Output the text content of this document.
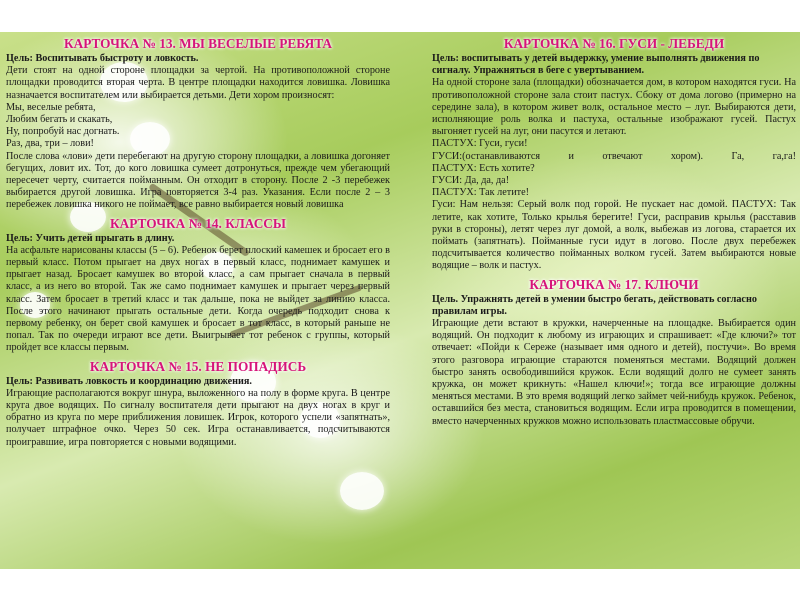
КАРТОЧКА № 13. МЫ ВЕСЕЛЫЕ РЕБЯТА

Цель: Воспитывать быстроту и ловкость.

Дети стоят на одной стороне площадки за чертой. На противоположной стороне площадки проводится вторая черта. В центре площадки находится ловишка. Ловишка назначается воспитателем или выбирается детьми. Дети хором произносят:

Мы, веселые ребята,

Любим бегать и скакать,

Ну, попробуй нас догнать.

Раз, два, три – лови!

После слова «лови» дети перебегают на другую сторону площадки, а ловишка догоняет бегущих, ловит их. Тот, до кого ловишка сумеет дотронуться, прежде чем убегающий пересечет черту, считается пойманным. Он отходит в сторону. После 2 -3 перебежек выбирается другой ловишка. Игра повторяется 3-4 раз. Указания. Если после 2 – 3 перебежек ловишка никого не поймает, все равно выбирается новый ловишка

КАРТОЧКА № 14. КЛАССЫ

Цель: Учить детей прыгать в длину.

На асфальте нарисованы классы (5 – 6). Ребенок берет плоский камешек и бросает его в первый класс. Потом прыгает на двух ногах в первый класс, поднимает камушек и прыгает назад. Бросает камушек во второй класс, а сам прыгает сначала в первый класс, а из него во второй. Так же само поднимает камушек и прыгает через первый класс. Затем бросает в третий класс и так дальше, пока не выйдет за линию класса. После этого начинают прыгать остальные дети. Когда очередь подходит снова к первому ребенку, он берет свой камушек и бросает в тот класс, в который раньше не попал. Так по очереди играют все дети. Выигрывает тот ребенок с группы, который пройдет все классы первым.

КАРТОЧКА № 15. НЕ ПОПАДИСЬ

Цель: Развивать ловкость и координацию движения.

Играющие располагаются вокруг шнура, выложенного на полу в форме круга. В центре круга двое водящих. По сигналу воспитателя дети прыгают на двух ногах в круг и обратно из круга по мере приближения ловишек. Игрок, которого успели «запятнать», получает штрафное очко. Через 50 сек. Игра останавливается, подсчитываются проигравшие, игра повторяется с новыми водящими.

КАРТОЧКА № 16. ГУСИ - ЛЕБЕДИ

Цель: воспитывать у детей выдержку, умение выполнять движения по сигналу. Упражняться в беге с увертыванием.

На одной стороне зала (площадки) обозначается дом, в котором находятся гуси. На противоположной стороне зала стоит пастух. Сбоку от дома логово (примерно на середине зала), в котором живет волк, остальное место – луг. Выбираются дети, исполняющие роль волка и пастуха, остальные изображают гусей. Пастух выгоняет гусей на луг, они пасутся и летают.

ПАСТУХ: Гуси, гуси!

ГУСИ:(останавливаются и отвечают хором). Га, га,га!

ПАСТУХ: Есть хотите?

ГУСИ: Да, да, да!

ПАСТУХ: Так летите!

Гуси: Нам нельзя: Серый волк под горой. Не пускает нас домой. ПАСТУХ: Так летите, как хотите, Только крылья берегите! Гуси, расправив крылья (расставив руки в стороны), летят через луг домой, а волк, выбежав из логова, старается их поймать (запятнать). Пойманные гуси идут в логово. После двух перебежек подсчитывается количество пойманных волком гусей. Затем выбираются новые водящие – волк и пастух.

КАРТОЧКА № 17. КЛЮЧИ

Цель. Упражнять детей в умении быстро бегать, действовать согласно правилам игры.

Играющие дети встают в кружки, начерченные на площадке. Выбирается один водящий. Он подходит к любому из играющих и спрашивает: «Где ключи?» тот отвечает: «Пойди к Сереже (называет имя одного и детей), постучи». Во время этого разговора играющие стараются поменяться местами. Водящий должен быстро занять освободившийся кружок. Если водящий долго не сумеет занять кружка, он может крикнуть: «Нашел ключи!»; тогда все играющие должны меняться местами. В это время водящий легко займет чей-нибудь кружок. Ребенок, оставшийся без места, становиться водящим. Если игра проводится в помещении, вместо начерченных кружков можно использовать пластмассовые обручи.
